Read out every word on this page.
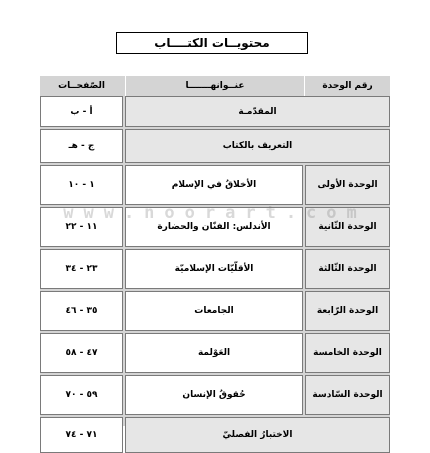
محتويــات الكتــــاب
الصّفحــات	عنــوانهـــــــا	رقم الوحدة
أ - ب	المقدّمـة
ج - هـ	التعريف بالكتاب
١ - ١٠	الأخلاقُ في الإسلام	الوحدة الأولى
١١ - ٢٢	الأندلس: الفنّان والحضارة	الوحدة الثّانية
٢٣ - ٣٤	الأقلّيّات الإسلاميّة	الوحدة الثّالثة
٣٥ - ٤٦	الجامعات	الوحدة الرّابعة
٤٧ - ٥٨	العَوْلمة	الوحدة الخامسة
٥٩ - ٧٠	حُقوقُ الإنسان	الوحدة السّادسة
٧١ - ٧٤	الاختبارُ الفصليّ
www.noorart.com
